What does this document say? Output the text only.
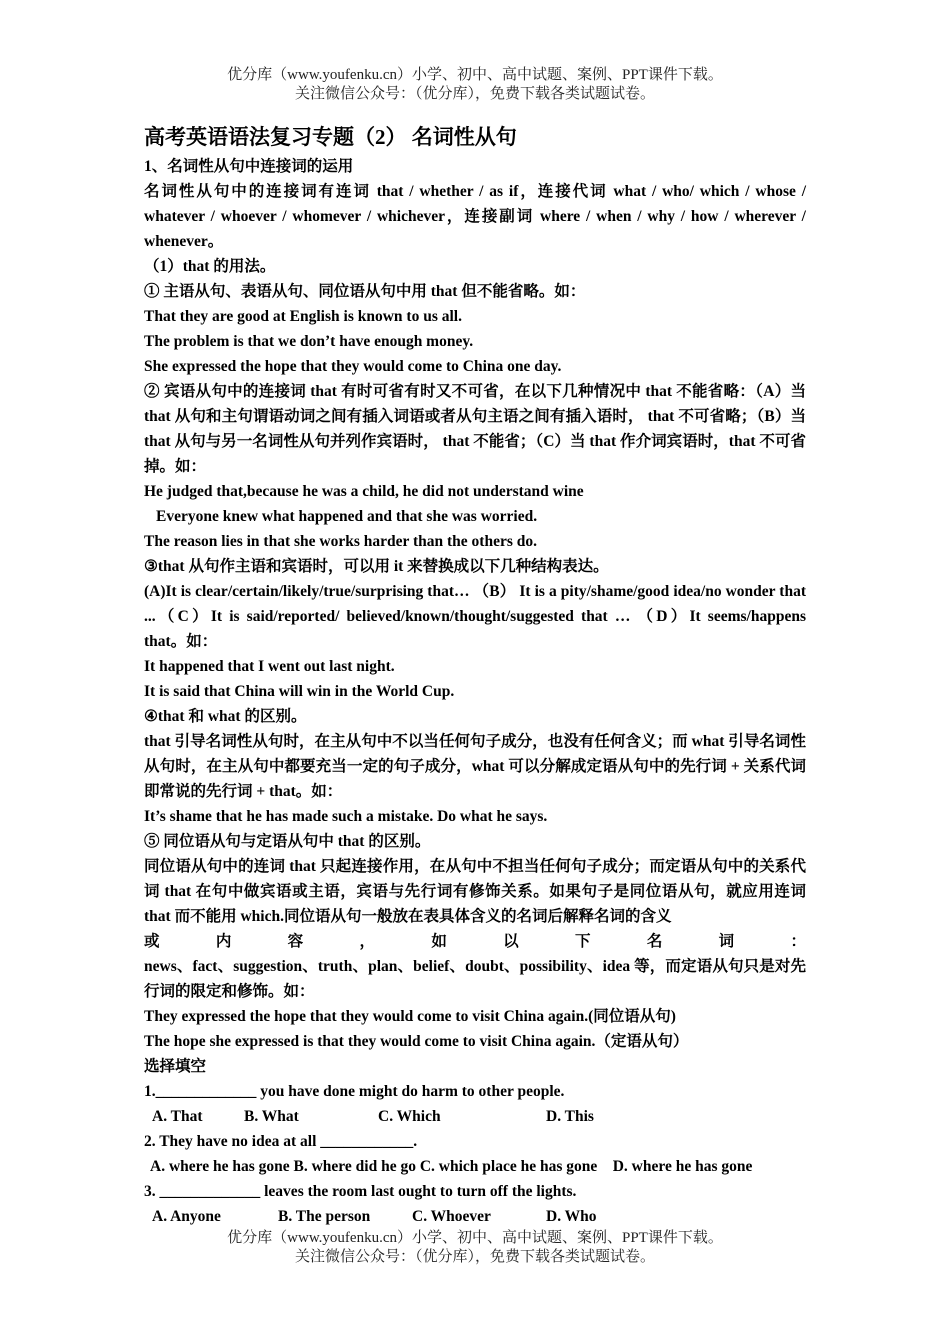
优分库（www.youfenku.cn）小学、初中、高中试题、案例、PPT课件下载。
关注微信公众号：（优分库），免费下载各类试题试卷。
高考英语语法复习专题（2） 名词性从句

1、名词性从句中连接词的运用

名词性从句中的连接词有连词 that / whether / as if，连接代词 what / who/ which / whose / whatever / whoever / whomever / whichever，连接副词 where / when / why / how / wherever / whenever。

（1）that 的用法。

① 主语从句、表语从句、同位语从句中用 that 但不能省略。如：

That they are good at English is known to us all.

The problem is that we don’t have enough money.

She expressed the hope that they would come to China one day.

② 宾语从句中的连接词 that 有时可省有时又不可省，在以下几种情况中 that 不能省略：（A）当 that 从句和主句谓语动词之间有插入词语或者从句主语之间有插入语时， that 不可省略；（B）当 that 从句与另一名词性从句并列作宾语时， that 不能省；（C）当 that 作介词宾语时，that 不可省掉。如：

He judged that,because he was a child, he did not understand wine

Everyone knew what happened and that she was worried.

The reason lies in that she works harder than the others do.

③that 从句作主语和宾语时，可以用 it 来替换成以下几种结构表达。

(A)It is clear/certain/likely/true/surprising that… （B） It is a pity/shame/good idea/no wonder that ...（C）It is said/reported/ believed/known/thought/suggested that … （D）It seems/happens that。如：

It happened that I went out last night.

It is said that China will win in the World Cup.

④that 和 what 的区别。

that 引导名词性从句时，在主从句中不以当任何句子成分，也没有任何含义；而 what 引导名词性从句时，在主从句中都要充当一定的句子成分，what 可以分解成定语从句中的先行词 + 关系代词即常说的先行词 + that。如：

It’s shame that he has made such a mistake. Do what he says.

⑤ 同位语从句与定语从句中 that 的区别。

同位语从句中的连词 that 只起连接作用，在从句中不担当任何句子成分；而定语从句中的关系代词 that 在句中做宾语或主语，宾语与先行词有修饰关系。如果句子是同位语从句，就应用连词 that 而不能用 which.同位语从句一般放在表具体含义的名词后解释名词的含义

或内容，如以下名词：

news、fact、suggestion、truth、plan、belief、doubt、possibility、idea 等，而定语从句只是对先行词的限定和修饰。如：

They expressed the hope that they would come to visit China again.(同位语从句)

The hope she expressed is that they would come to visit China again.（定语从句）

选择填空

1._____________ you have done might do harm to other people.

A. That	B. What	C. Which	D. This

2. They have no idea at all ____________.

A. where he has gone B. where did he go C. which place he has gone    D. where he has gone

3. _____________ leaves the room last ought to turn off the lights.

A. Anyone	B. The person	C. Whoever	D. Who
优分库（www.youfenku.cn）小学、初中、高中试题、案例、PPT课件下载。
关注微信公众号：（优分库），免费下载各类试题试卷。
